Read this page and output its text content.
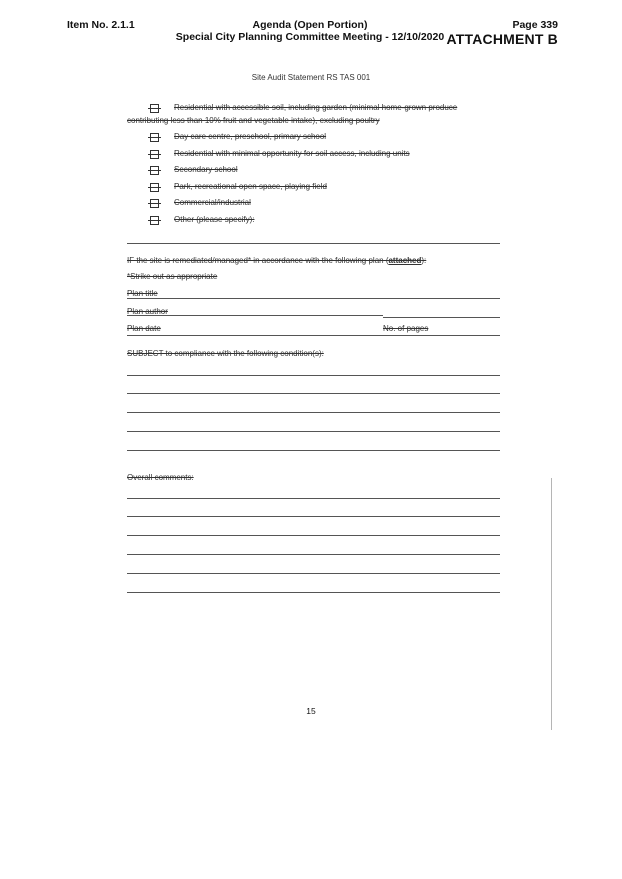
Item No. 2.1.1	Agenda (Open Portion)
Special City Planning Committee Meeting - 12/10/2020
Page 339
ATTACHMENT B
Site Audit Statement RS TAS 001
Residential with accessible soil, including garden (minimal home-grown produce
contributing less than 10% fruit and vegetable intake), excluding poultry
Day care centre, preschool, primary school
Residential with minimal opportunity for soil access, including units
Secondary school
Park, recreational open space, playing field
Commercial/industrial
Other (please specify):
IF the site is remediated/managed* in accordance with the following plan (attached):
*Strike out as appropriate
Plan title
Plan author
Plan date	No. of pages
SUBJECT to compliance with the following condition(s):
Overall comments:
15
